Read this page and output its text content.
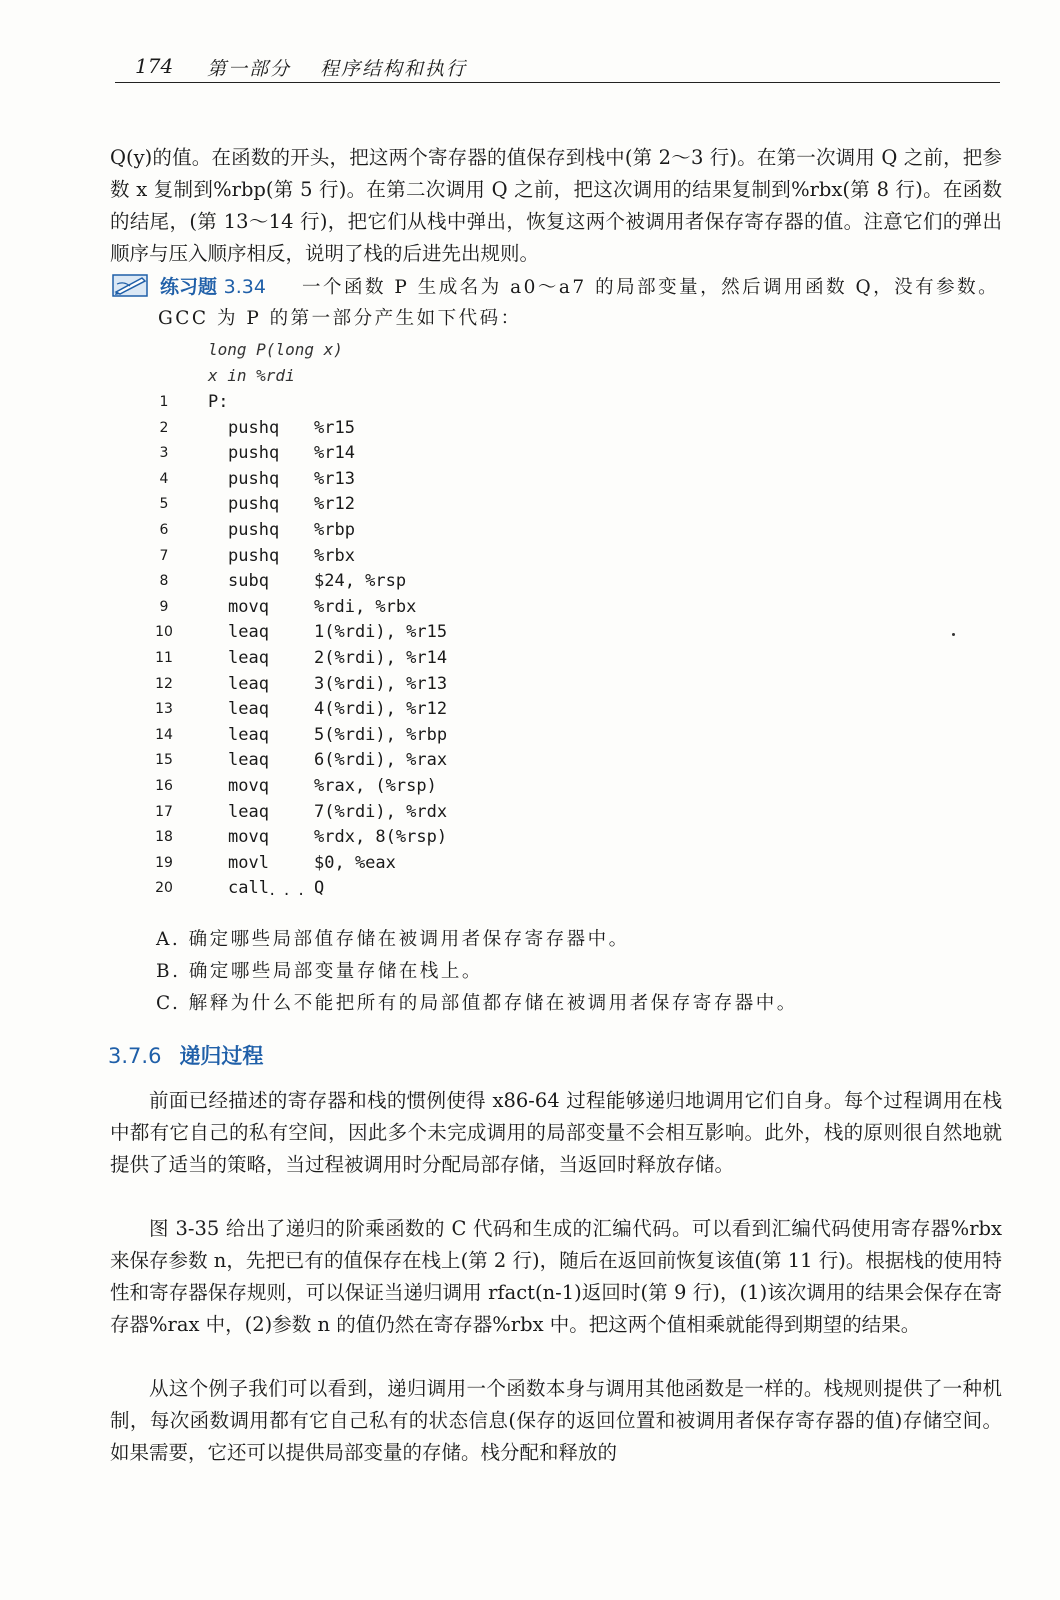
174 第一部分 程序结构和执行

Q(y)的值。在函数的开头，把这两个寄存器的值保存到栈中(第 2～3 行)。在第一次调用 Q 之前，把参数 x 复制到%rbp(第 5 行)。在第二次调用 Q 之前，把这次调用的结果复制到%rbx(第 8 行)。在函数的结尾，(第 13～14 行)，把它们从栈中弹出，恢复这两个被调用者保存寄存器的值。注意它们的弹出顺序与压入顺序相反，说明了栈的后进先出规则。

练习题 3.34 一个函数 P 生成名为 a0～a7 的局部变量，然后调用函数 Q，没有参数。
GCC 为 P 的第一部分产生如下代码：
long P(long x)
x in %rdi
...
1	P:
2	pushq %r15
3	pushq %r14
4	pushq %r13
5	pushq %r12
6	pushq %rbp
7	pushq %rbx
8	subq	$24, %rsp
9	movq	%rdi, %rbx
10	leaq	1(%rdi), %r15
11	leaq	2(%rdi), %r14
12	leaq	3(%rdi), %r13
13	leaq	4(%rdi), %r12
14	leaq	5(%rdi), %rbp
15	leaq	6(%rdi), %rax
16	movq	%rax, (%rsp)
17	leaq	7(%rdi), %rdx
18	movq	%rdx, 8(%rsp)
19	movl	$0, %eax
20	call	Q
A. 确定哪些局部值存储在被调用者保存寄存器中。
B. 确定哪些局部变量存储在栈上。
C. 解释为什么不能把所有的局部值都存储在被调用者保存寄存器中。
3.7.6 递归过程

前面已经描述的寄存器和栈的惯例使得 x86-64 过程能够递归地调用它们自身。每个过程调用在栈中都有它自己的私有空间，因此多个未完成调用的局部变量不会相互影响。此外，栈的原则很自然地就提供了适当的策略，当过程被调用时分配局部存储，当返回时释放存储。

图 3-35 给出了递归的阶乘函数的 C 代码和生成的汇编代码。可以看到汇编代码使用寄存器%rbx 来保存参数 n，先把已有的值保存在栈上(第 2 行)，随后在返回前恢复该值(第 11 行)。根据栈的使用特性和寄存器保存规则，可以保证当递归调用 rfact(n-1)返回时(第 9 行)，(1)该次调用的结果会保存在寄存器%rax 中，(2)参数 n 的值仍然在寄存器%rbx 中。把这两个值相乘就能得到期望的结果。

从这个例子我们可以看到，递归调用一个函数本身与调用其他函数是一样的。栈规则提供了一种机制，每次函数调用都有它自己私有的状态信息(保存的返回位置和被调用者保存寄存器的值)存储空间。如果需要，它还可以提供局部变量的存储。栈分配和释放的
